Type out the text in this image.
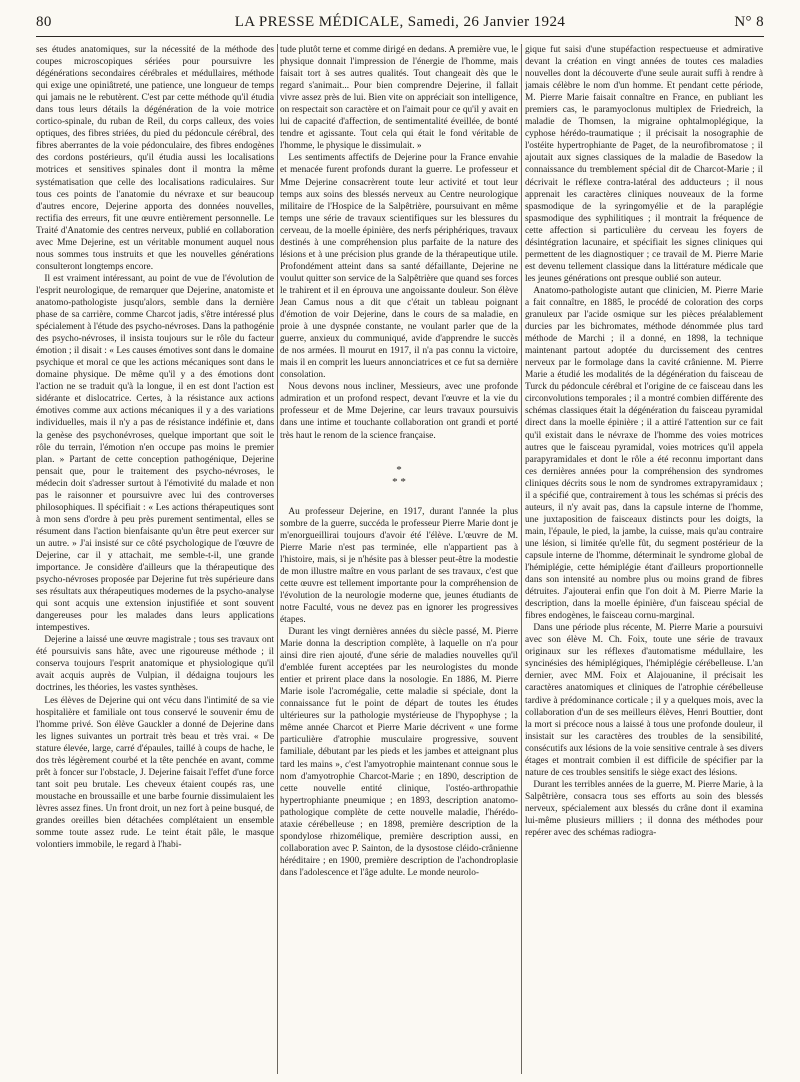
80	LA PRESSE MÉDICALE, Samedi, 26 Janvier 1924	N° 8

ses études anatomiques, sur la nécessité de la méthode des coupes microscopiques sériées pour poursuivre les dégénérations secondaires cérébrales et médullaires, méthode qui exige une opiniâtreté, une patience, une longueur de temps qui jamais ne le rebutèrent. C'est par cette méthode qu'il étudia dans tous leurs détails la dégénération de la voie motrice cortico-spinale, du ruban de Reil, du corps calleux, des voies optiques, des fibres striées, du pied du pédoncule cérébral, des fibres aberrantes de la voie pédonculaire, des fibres endogènes des cordons postérieurs, qu'il étudia aussi les localisations motrices et sensitives spinales dont il montra la même systématisation que celle des localisations radiculaires. Sur tous ces points de l'anatomie du névraxe et sur beaucoup d'autres encore, Dejerine apporta des données nouvelles, rectifia des erreurs, fit une œuvre entièrement personnelle. Le Traité d'Anatomie des centres nerveux, publié en collaboration avec Mme Dejerine, est un véritable monument auquel nous nous sommes tous instruits et que les nouvelles générations consulteront longtemps encore.

Il est vraiment intéressant, au point de vue de l'évolution de l'esprit neurologique, de remarquer que Dejerine, anatomiste et anatomo-pathologiste jusqu'alors, semble dans la dernière phase de sa carrière, comme Charcot jadis, s'être intéressé plus spécialement à l'étude des psycho-névroses. Dans la pathogénie des psycho-névroses, il insista toujours sur le rôle du facteur émotion ; il disait : « Les causes émotives sont dans le domaine psychique et moral ce que les actions mécaniques sont dans le domaine physique. De même qu'il y a des émotions dont l'action ne se traduit qu'à la longue, il en est dont l'action est sidérante et dislocatrice. Certes, à la résistance aux actions émotives comme aux actions mécaniques il y a des variations individuelles, mais il n'y a pas de résistance indéfinie et, dans la genèse des psychonévroses, quelque important que soit le rôle du terrain, l'émotion n'en occupe pas moins le premier plan. » Partant de cette conception pathogénique, Dejerine pensait que, pour le traitement des psycho-névroses, le médecin doit s'adresser surtout à l'émotivité du malade et non pas le raisonner et poursuivre avec lui des controverses philosophiques. Il spécifiait : « Les actions thérapeutiques sont à mon sens d'ordre à peu près purement sentimental, elles se résument dans l'action bienfaisante qu'un être peut exercer sur un autre. » J'ai insisté sur ce côté psychologique de l'œuvre de Dejerine, car il y attachait, me semble-t-il, une grande importance. Je considère d'ailleurs que la thérapeutique des psycho-névroses proposée par Dejerine fut très supérieure dans ses résultats aux thérapeutiques modernes de la psycho-analyse qui sont acquis une extension injustifiée et sont souvent dangereuses pour les malades dans leurs applications intempestives.

Dejerine a laissé une œuvre magistrale ; tous ses travaux ont été poursuivis sans hâte, avec une rigoureuse méthode ; il conserva toujours l'esprit anatomique et physiologique qu'il avait acquis auprès de Vulpian, il dédaigna toujours les doctrines, les théories, les vastes synthèses.

Les élèves de Dejerine qui ont vécu dans l'intimité de sa vie hospitalière et familiale ont tous conservé le souvenir ému de l'homme privé. Son élève Gauckler a donné de Dejerine dans les lignes suivantes un portrait très beau et très vrai. « De stature élevée, large, carré d'épaules, taillé à coups de hache, le dos très légèrement courbé et la tête penchée en avant, comme prêt à foncer sur l'obstacle, J. Dejerine faisait l'effet d'une force tant soit peu brutale. Les cheveux étaient coupés ras, une moustache en broussaille et une barbe fournie dissimulaient les lèvres assez fines. Un front droit, un nez fort à peine busqué, de grandes oreilles bien détachées complétaient un ensemble somme toute assez rude. Le teint était pâle, le masque volontiers immobile, le regard à l'habi-

tude plutôt terne et comme dirigé en dedans. A première vue, le physique donnait l'impression de l'énergie de l'homme, mais faisait tort à ses autres qualités. Tout changeait dès que le regard s'animait... Pour bien comprendre Dejerine, il fallait vivre assez près de lui. Bien vite on appréciait son intelligence, on respectait son caractère et on l'aimait pour ce qu'il y avait en lui de capacité d'affection, de sentimentalité éveillée, de bonté tendre et agissante. Tout cela qui était le fond véritable de l'homme, le physique le dissimulait. »

Les sentiments affectifs de Dejerine pour la France envahie et menacée furent profonds durant la guerre. Le professeur et Mme Dejerine consacrèrent toute leur activité et tout leur temps aux soins des blessés nerveux au Centre neurologique militaire de l'Hospice de la Salpêtrière, poursuivant en même temps une série de travaux scientifiques sur les blessures du cerveau, de la moelle épinière, des nerfs périphériques, travaux destinés à une compréhension plus parfaite de la nature des lésions et à une précision plus grande de la thérapeutique utile. Profondément atteint dans sa santé défaillante, Dejerine ne voulut quitter son service de la Salpêtrière que quand ses forces le trahirent et il en éprouva une angoissante douleur. Son élève Jean Camus nous a dit que c'était un tableau poignant d'émotion de voir Dejerine, dans le cours de sa maladie, en proie à une dyspnée constante, ne voulant parler que de la guerre, anxieux du communiqué, avide d'apprendre le succès de nos armées. Il mourut en 1917, il n'a pas connu la victoire, mais il en comprit les lueurs annonciatrices et ce fut sa dernière consolation.

Nous devons nous incliner, Messieurs, avec une profonde admiration et un profond respect, devant l'œuvre et la vie du professeur et de Mme Dejerine, car leurs travaux poursuivis dans une intime et touchante collaboration ont grandi et porté très haut le renom de la science française.

*
* *

Au professeur Dejerine, en 1917, durant l'année la plus sombre de la guerre, succéda le professeur Pierre Marie dont je m'enorgueillirai toujours d'avoir été l'élève. L'œuvre de M. Pierre Marie n'est pas terminée, elle n'appartient pas à l'histoire, mais, si je n'hésite pas à blesser peut-être la modestie de mon illustre maître en vous parlant de ses travaux, c'est que cette œuvre est tellement importante pour la compréhension de l'évolution de la neurologie moderne que, jeunes étudiants de notre Faculté, vous ne devez pas en ignorer les progressives étapes.

Durant les vingt dernières années du siècle passé, M. Pierre Marie donna la description complète, à laquelle on n'a pour ainsi dire rien ajouté, d'une série de maladies nouvelles qu'il d'emblée furent acceptées par les neurologistes du monde entier et prirent place dans la nosologie. En 1886, M. Pierre Marie isole l'acromégalie, cette maladie si spéciale, dont la connaissance fut le point de départ de toutes les études ultérieures sur la pathologie mystérieuse de l'hypophyse ; la même année Charcot et Pierre Marie décrivent « une forme particulière d'atrophie musculaire progressive, souvent familiale, débutant par les pieds et les jambes et atteignant plus tard les mains », c'est l'amyotrophie maintenant connue sous le nom d'amyotrophie Charcot-Marie ; en 1890, description de cette nouvelle entité clinique, l'ostéo-arthropathie hypertrophiante pneumique ; en 1893, description anatomo-pathologique complète de cette nouvelle maladie, l'hérédo-ataxie cérébelleuse ; en 1898, première description de la spondylose rhizomélique, première description aussi, en collaboration avec P. Sainton, de la dysostose cléido-crânienne héréditaire ; en 1900, première description de l'achondroplasie dans l'adolescence et l'âge adulte. Le monde neurolo-

gique fut saisi d'une stupéfaction respectueuse et admirative devant la création en vingt années de toutes ces maladies nouvelles dont la découverte d'une seule aurait suffi à rendre à jamais célèbre le nom d'un homme. Et pendant cette période, M. Pierre Marie faisait connaître en France, en publiant les premiers cas, le paramyoclonus multiplex de Friedreich, la maladie de Thomsen, la migraine ophtalmoplégique, la cyphose hérédo-traumatique ; il précisait la nosographie de l'ostéite hypertrophiante de Paget, de la neurofibromatose ; il ajoutait aux signes classiques de la maladie de Basedow la connaissance du tremblement spécial dit de Charcot-Marie ; il décrivait le réflexe contra-latéral des adducteurs ; il nous apprenait les caractères cliniques nouveaux de la forme spasmodique de la syringomyélie et de la paraplégie spasmodique des syphilitiques ; il montrait la fréquence de cette affection si particulière du cerveau les foyers de désintégration lacunaire, et spécifiait les signes cliniques qui permettent de les diagnostiquer ; ce travail de M. Pierre Marie est devenu tellement classique dans la littérature médicale que les jeunes générations ont presque oublié son auteur.

Anatomo-pathologiste autant que clinicien, M. Pierre Marie a fait connaître, en 1885, le procédé de coloration des corps granuleux par l'acide osmique sur les pièces préalablement durcies par les bichromates, méthode dénommée plus tard méthode de Marchi ; il a donné, en 1898, la technique maintenant partout adoptée du durcissement des centres nerveux par le formolage dans la cavité crânienne. M. Pierre Marie a étudié les modalités de la dégénération du faisceau de Turck du pédoncule cérébral et l'origine de ce faisceau dans les circonvolutions temporales ; il a montré combien différente des schémas classiques était la dégénération du faisceau pyramidal direct dans la moelle épinière ; il a attiré l'attention sur ce fait qu'il existait dans le névraxe de l'homme des voies motrices autres que le faisceau pyramidal, voies motrices qu'il appela parapyramidales et dont le rôle a été reconnu important dans ces dernières années pour la compréhension des syndromes cliniques décrits sous le nom de syndromes extrapyramidaux ; il a spécifié que, contrairement à tous les schémas si précis des auteurs, il n'y avait pas, dans la capsule interne de l'homme, une juxtaposition de faisceaux distincts pour les doigts, la main, l'épaule, le pied, la jambe, la cuisse, mais qu'au contraire une lésion, si limitée qu'elle fût, du segment postérieur de la capsule interne de l'homme, déterminait le syndrome global de l'hémiplégie, cette hémiplégie étant d'ailleurs proportionnelle dans son intensité au nombre plus ou moins grand de fibres détruites. J'ajouterai enfin que l'on doit à M. Pierre Marie la description, dans la moelle épinière, d'un faisceau spécial de fibres endogènes, le faisceau cornu-marginal.

Dans une période plus récente, M. Pierre Marie a poursuivi avec son élève M. Ch. Foix, toute une série de travaux originaux sur les réflexes d'automatisme médullaire, les syncinésies des hémiplégiques, l'hémiplégie cérébelleuse. L'an dernier, avec MM. Foix et Alajouanine, il précisait les caractères anatomiques et cliniques de l'atrophie cérébelleuse tardive à prédominance corticale ; il y a quelques mois, avec la collaboration d'un de ses meilleurs élèves, Henri Bouttier, dont la mort si précoce nous a laissé à tous une profonde douleur, il insistait sur les caractères des troubles de la sensibilité, consécutifs aux lésions de la voie sensitive centrale à ses divers étages et montrait combien il est difficile de spécifier par la nature de ces troubles sensitifs le siège exact des lésions.

Durant les terribles années de la guerre, M. Pierre Marie, à la Salpêtrière, consacra tous ses efforts au soin des blessés nerveux, spécialement aux blessés du crâne dont il examina lui-même plusieurs milliers ; il donna des méthodes pour repérer avec des schémas radiogra-
